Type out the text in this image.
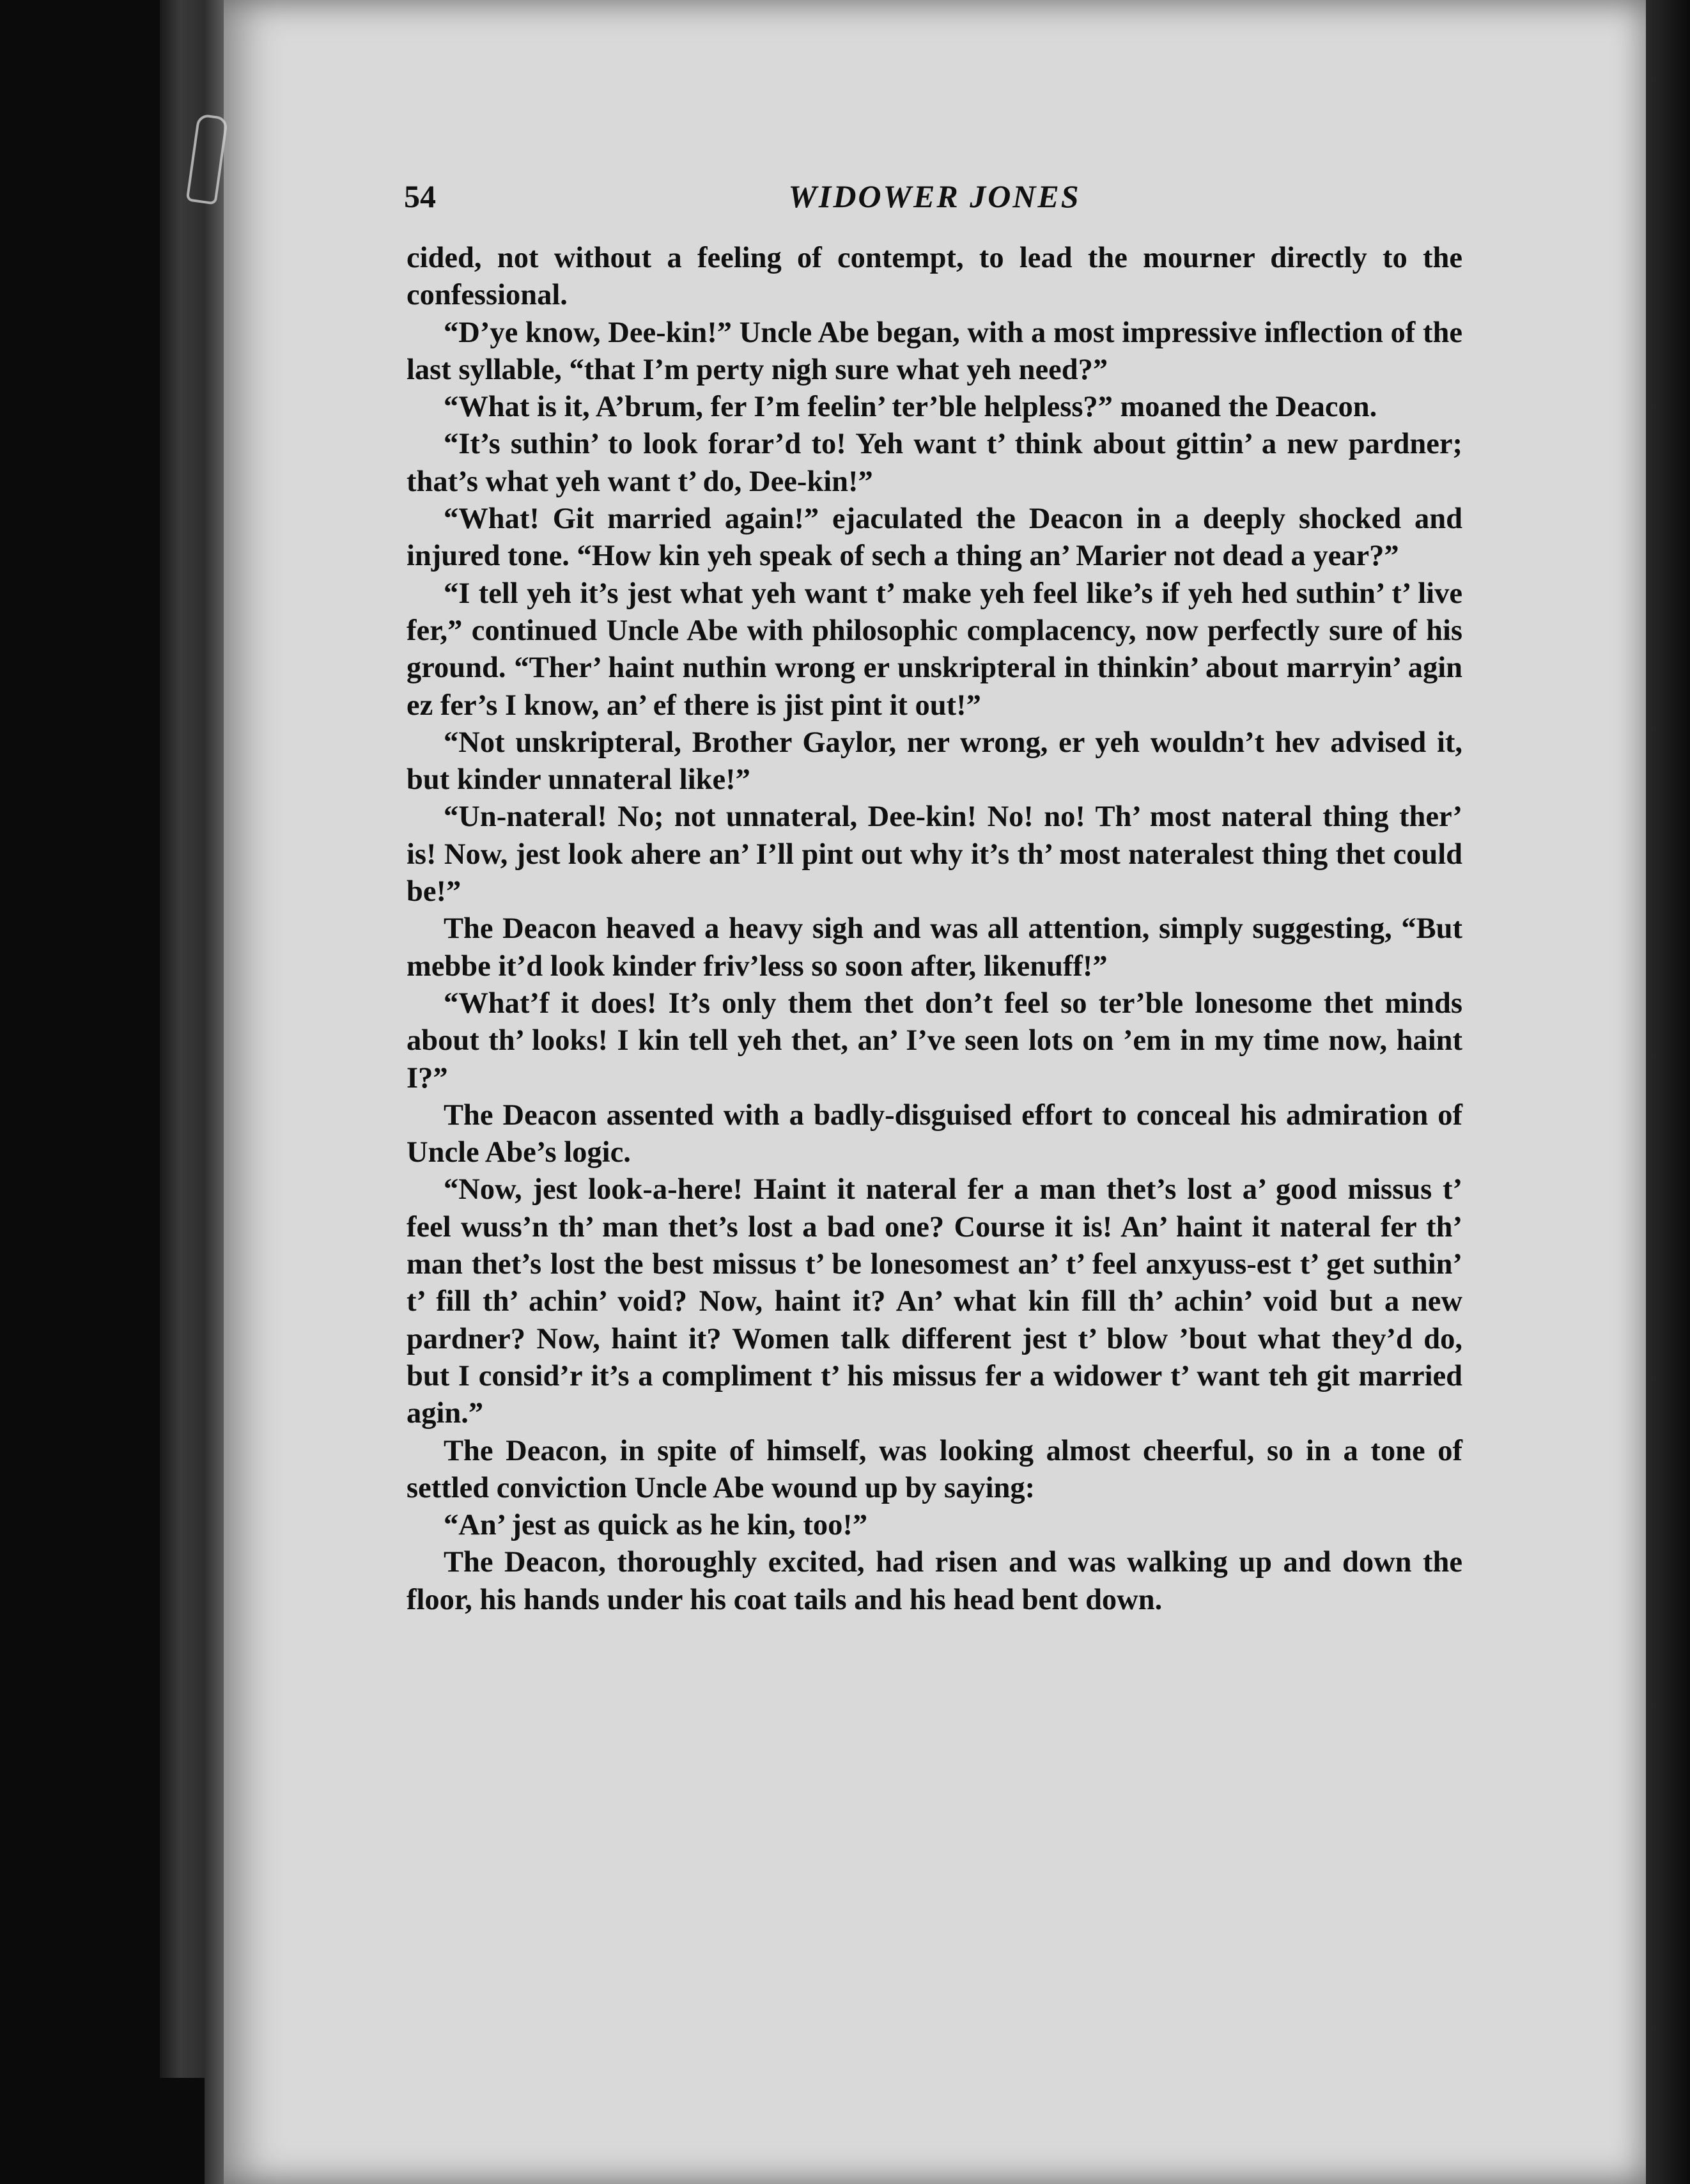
54	WIDOWER JONES

cided, not without a feeling of contempt, to lead the mourner directly to the confessional.

“D’ye know, Dee-kin!” Uncle Abe began, with a most impressive inflection of the last syllable, “that I’m perty nigh sure what yeh need?”

“What is it, A’brum, fer I’m feelin’ ter’ble helpless?” moaned the Deacon.

“It’s suthin’ to look forar’d to! Yeh want t’ think about gittin’ a new pardner; that’s what yeh want t’ do, Dee-kin!”

“What! Git married again!” ejaculated the Deacon in a deeply shocked and injured tone. “How kin yeh speak of sech a thing an’ Marier not dead a year?”

“I tell yeh it’s jest what yeh want t’ make yeh feel like’s if yeh hed suthin’ t’ live fer,” continued Uncle Abe with philosophic complacency, now perfectly sure of his ground. “Ther’ haint nuthin wrong er unskripteral in thinkin’ about marryin’ agin ez fer’s I know, an’ ef there is jist pint it out!”

“Not unskripteral, Brother Gaylor, ner wrong, er yeh wouldn’t hev advised it, but kinder unnateral like!”

“Un-nateral! No; not unnateral, Dee-kin! No! no! Th’ most nateral thing ther’ is! Now, jest look ahere an’ I’ll pint out why it’s th’ most nateralest thing thet could be!”

The Deacon heaved a heavy sigh and was all attention, simply suggesting, “But mebbe it’d look kinder friv’less so soon after, likenuff!”

“What’f it does! It’s only them thet don’t feel so ter’ble lonesome thet minds about th’ looks! I kin tell yeh thet, an’ I’ve seen lots on ’em in my time now, haint I?”

The Deacon assented with a badly-disguised effort to conceal his admiration of Uncle Abe’s logic.

“Now, jest look-a-here! Haint it nateral fer a man thet’s lost a’ good missus t’ feel wuss’n th’ man thet’s lost a bad one? Course it is! An’ haint it nateral fer th’ man thet’s lost the best missus t’ be lonesomest an’ t’ feel anxyuss-est t’ get suthin’ t’ fill th’ achin’ void? Now, haint it? An’ what kin fill th’ achin’ void but a new pardner? Now, haint it? Women talk different jest t’ blow ’bout what they’d do, but I consid’r it’s a compliment t’ his missus fer a widower t’ want teh git married agin.”

The Deacon, in spite of himself, was looking almost cheerful, so in a tone of settled conviction Uncle Abe wound up by saying:

“An’ jest as quick as he kin, too!”

The Deacon, thoroughly excited, had risen and was walking up and down the floor, his hands under his coat tails and his head bent down.
